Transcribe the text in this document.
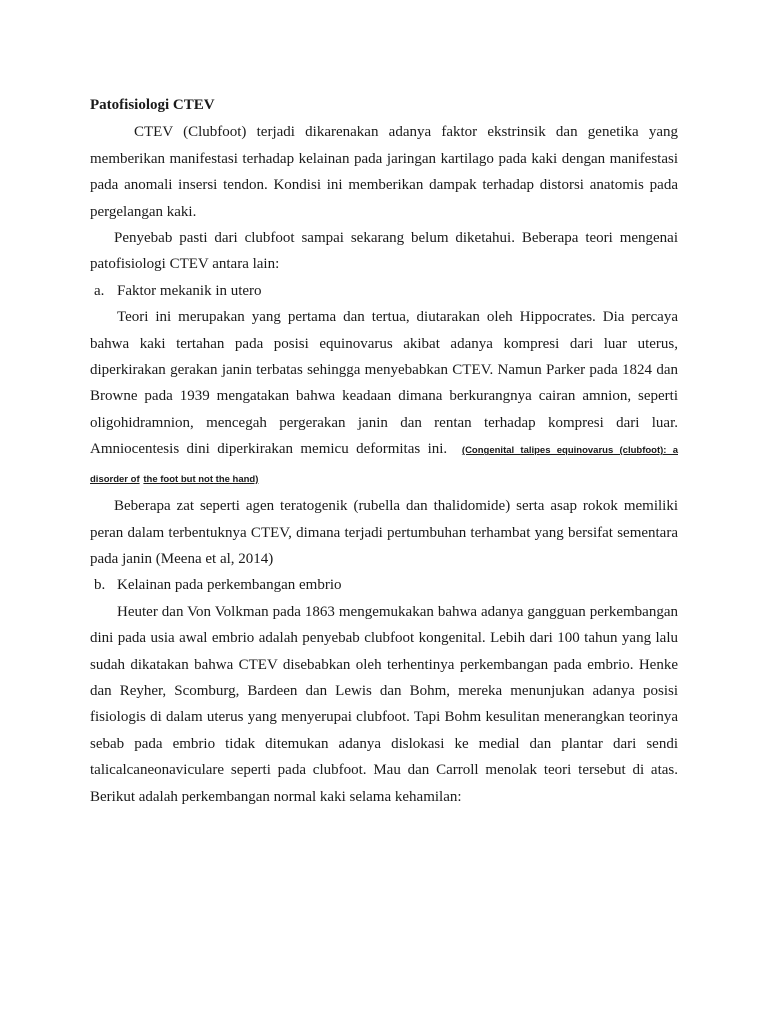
Patofisiologi CTEV

CTEV (Clubfoot) terjadi dikarenakan adanya faktor ekstrinsik dan genetika yang memberikan manifestasi terhadap kelainan pada jaringan kartilago pada kaki dengan manifestasi pada anomali insersi tendon. Kondisi ini memberikan dampak terhadap distorsi anatomis pada pergelangan kaki.

Penyebab pasti dari clubfoot sampai sekarang belum diketahui. Beberapa teori mengenai patofisiologi CTEV antara lain:

a. Faktor mekanik in utero

Teori ini merupakan yang pertama dan tertua, diutarakan oleh Hippocrates. Dia percaya bahwa kaki tertahan pada posisi equinovarus akibat adanya kompresi dari luar uterus, diperkirakan gerakan janin terbatas sehingga menyebabkan CTEV. Namun Parker pada 1824 dan Browne pada 1939 mengatakan bahwa keadaan dimana berkurangnya cairan amnion, seperti oligohidramnion, mencegah pergerakan janin dan rentan terhadap kompresi dari luar. Amniocentesis dini diperkirakan memicu deformitas ini. (Congenital talipes equinovarus (clubfoot): a disorder of the foot but not the hand)

Beberapa zat seperti agen teratogenik (rubella dan thalidomide) serta asap rokok memiliki peran dalam terbentuknya CTEV, dimana terjadi pertumbuhan terhambat yang bersifat sementara pada janin (Meena et al, 2014)

b. Kelainan pada perkembangan embrio

Heuter dan Von Volkman pada 1863 mengemukakan bahwa adanya gangguan perkembangan dini pada usia awal embrio adalah penyebab clubfoot kongenital. Lebih dari 100 tahun yang lalu sudah dikatakan bahwa CTEV disebabkan oleh terhentinya perkembangan pada embrio. Henke dan Reyher, Scomburg, Bardeen dan Lewis dan Bohm, mereka menunjukan adanya posisi fisiologis di dalam uterus yang menyerupai clubfoot. Tapi Bohm kesulitan menerangkan teorinya sebab pada embrio tidak ditemukan adanya dislokasi ke medial dan plantar dari sendi talicalcaneonaviculare seperti pada clubfoot. Mau dan Carroll menolak teori tersebut di atas. Berikut adalah perkembangan normal kaki selama kehamilan:
